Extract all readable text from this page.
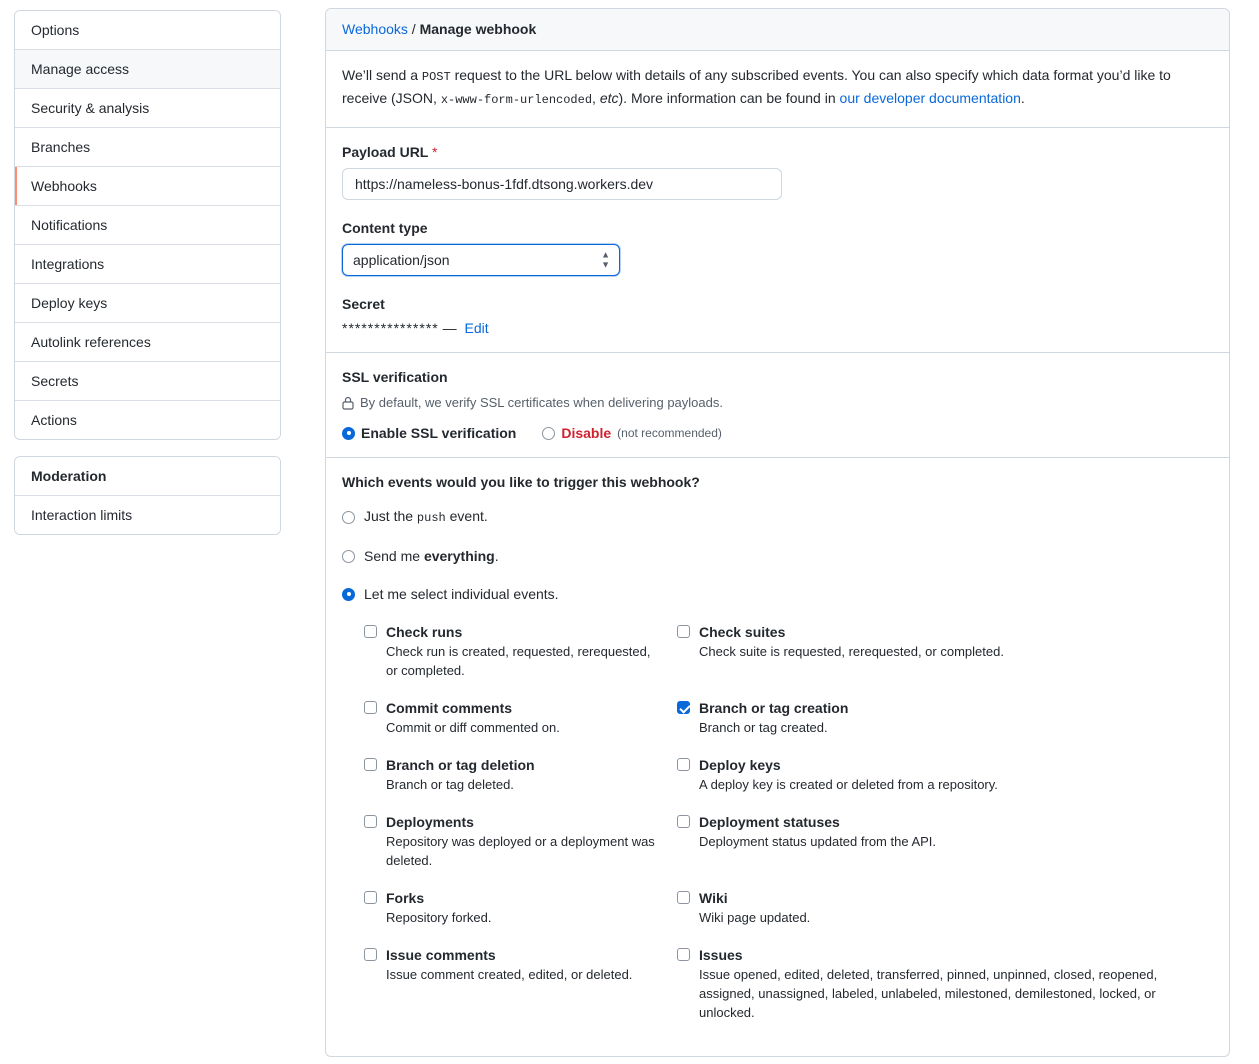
Options
Manage access
Security & analysis
Branches
Webhooks
Notifications
Integrations
Deploy keys
Autolink references
Secrets
Actions
Moderation
Interaction limits
Webhooks / Manage webhook

We’ll send a POST request to the URL below with details of any subscribed events. You can also specify which data format you’d like to receive (JSON, x-www-form-urlencoded, etc). More information can be found in our developer documentation.

Payload URL *
https://nameless-bonus-1fdf.dtsong.workers.dev
Content type
application/json
▲
▼
Secret
*************** — Edit
SSL verification
By default, we verify SSL certificates when delivering payloads.
Enable SSL verification	Disable (not recommended)
Which events would you like to trigger this webhook?
Just the push event.
Send me everything.
Let me select individual events.
Check runs
Check run is created, requested, rerequested, or completed.
Check suites
Check suite is requested, rerequested, or completed.
Commit comments
Commit or diff commented on.
Branch or tag creation
Branch or tag created.
Branch or tag deletion
Branch or tag deleted.
Deploy keys
A deploy key is created or deleted from a repository.
Deployments
Repository was deployed or a deployment was deleted.
Deployment statuses
Deployment status updated from the API.
Forks
Repository forked.
Wiki
Wiki page updated.
Issue comments
Issue comment created, edited, or deleted.
Issues
Issue opened, edited, deleted, transferred, pinned, unpinned, closed, reopened, assigned, unassigned, labeled, unlabeled, milestoned, demilestoned, locked, or unlocked.
